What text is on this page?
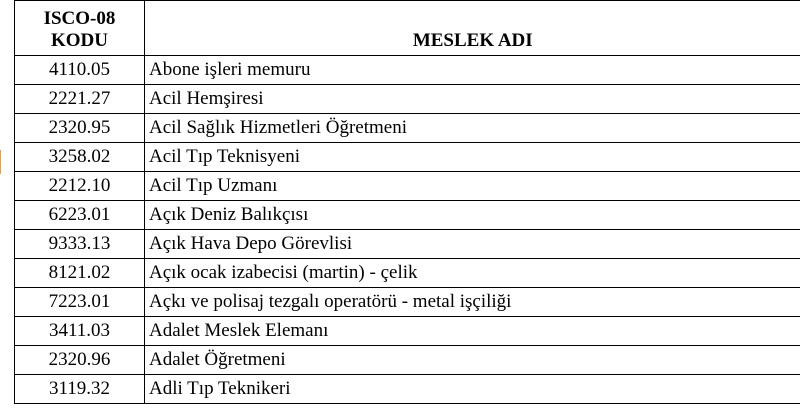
ISCO-08
KODU	MESLEK ADI
4110.05	Abone işleri memuru
2221.27	Acil Hemşiresi
2320.95	Acil Sağlık Hizmetleri Öğretmeni
3258.02	Acil Tıp Teknisyeni
2212.10	Acil Tıp Uzmanı
6223.01	Açık Deniz Balıkçısı
9333.13	Açık Hava Depo Görevlisi
8121.02	Açık ocak izabecisi (martin) - çelik
7223.01	Açkı ve polisaj tezgalı operatörü - metal işçiliği
3411.03	Adalet Meslek Elemanı
2320.96	Adalet Öğretmeni
3119.32	Adli Tıp Teknikeri
